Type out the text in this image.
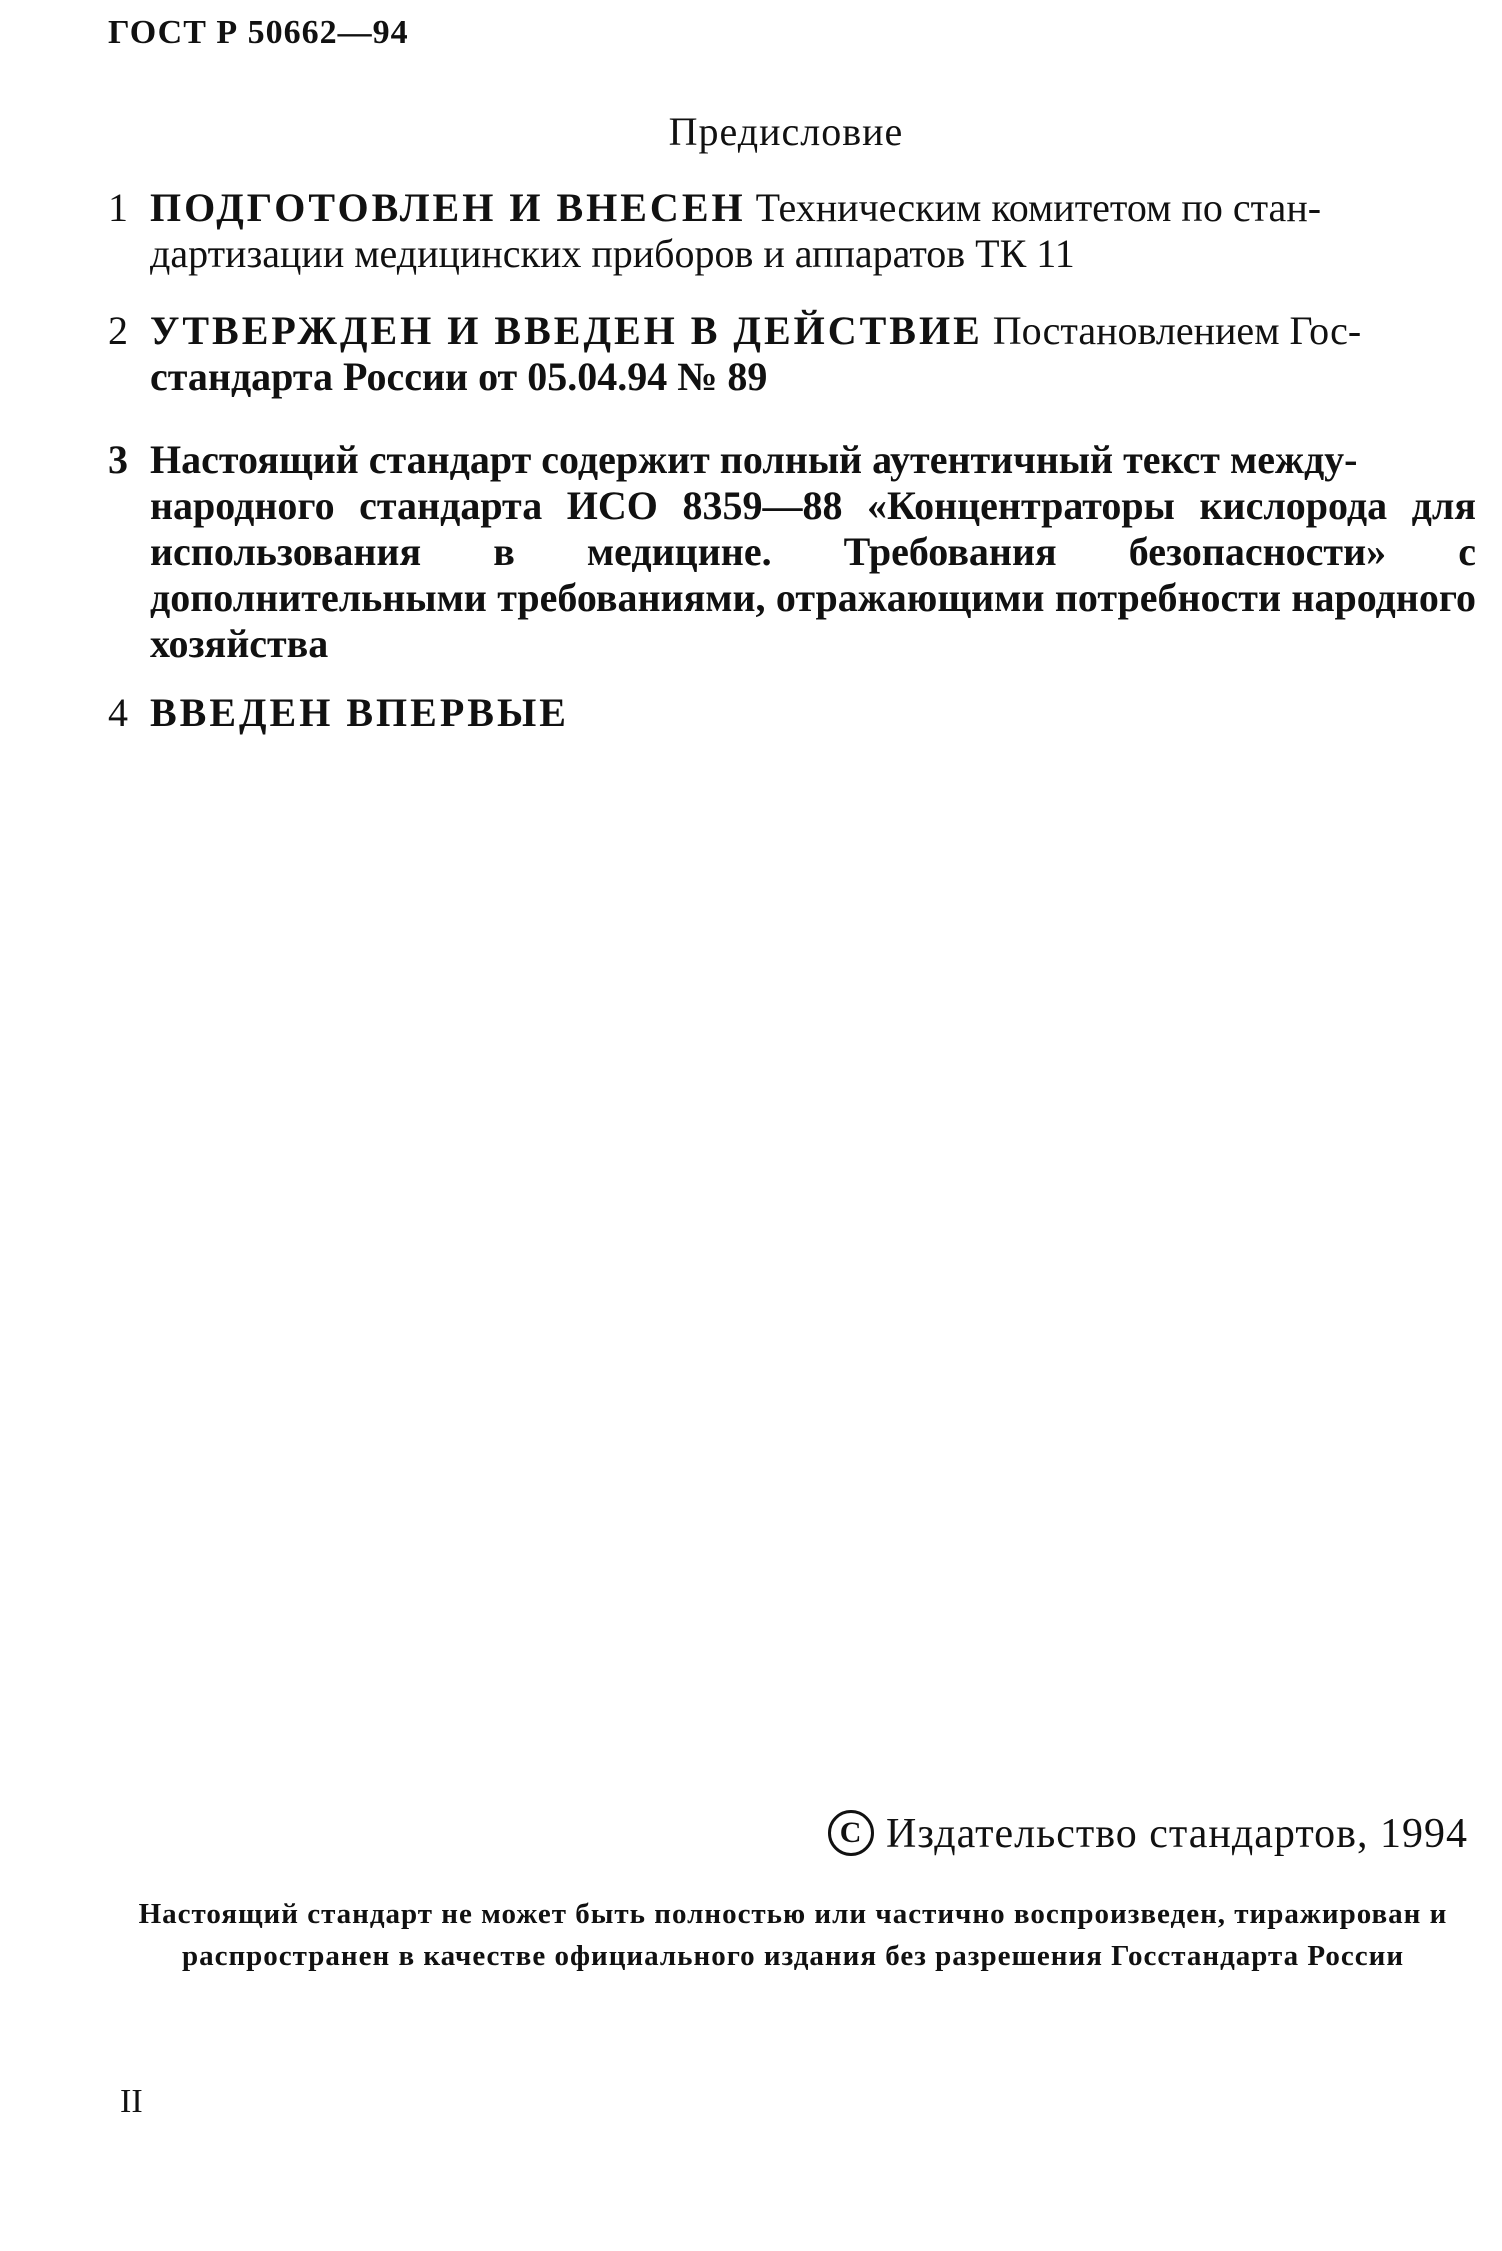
ГОСТ Р 50662—94
Предисловие
1 ПОДГОТОВЛЕН И ВНЕСЕН Техническим комитетом по стан-
дартизации медицинских приборов и аппаратов ТК 11
2 УТВЕРЖДЕН И ВВЕДЕН В ДЕЙСТВИЕ Постановлением Гос-
стандарта России от 05.04.94 № 89
3 Настоящий стандарт содержит полный аутентичный текст между-
народного стандарта ИСО 8359—88 «Концентраторы кислорода для использования в медицине. Требования безопасности» с дополнительными требованиями, отражающими потребности народного хозяйства
4 ВВЕДЕН ВПЕРВЫЕ
C Издательство стандартов, 1994
Настоящий стандарт не может быть полностью или частично воспроизведен, тиражирован и распространен в качестве официального издания без разрешения Госстандарта России
II
